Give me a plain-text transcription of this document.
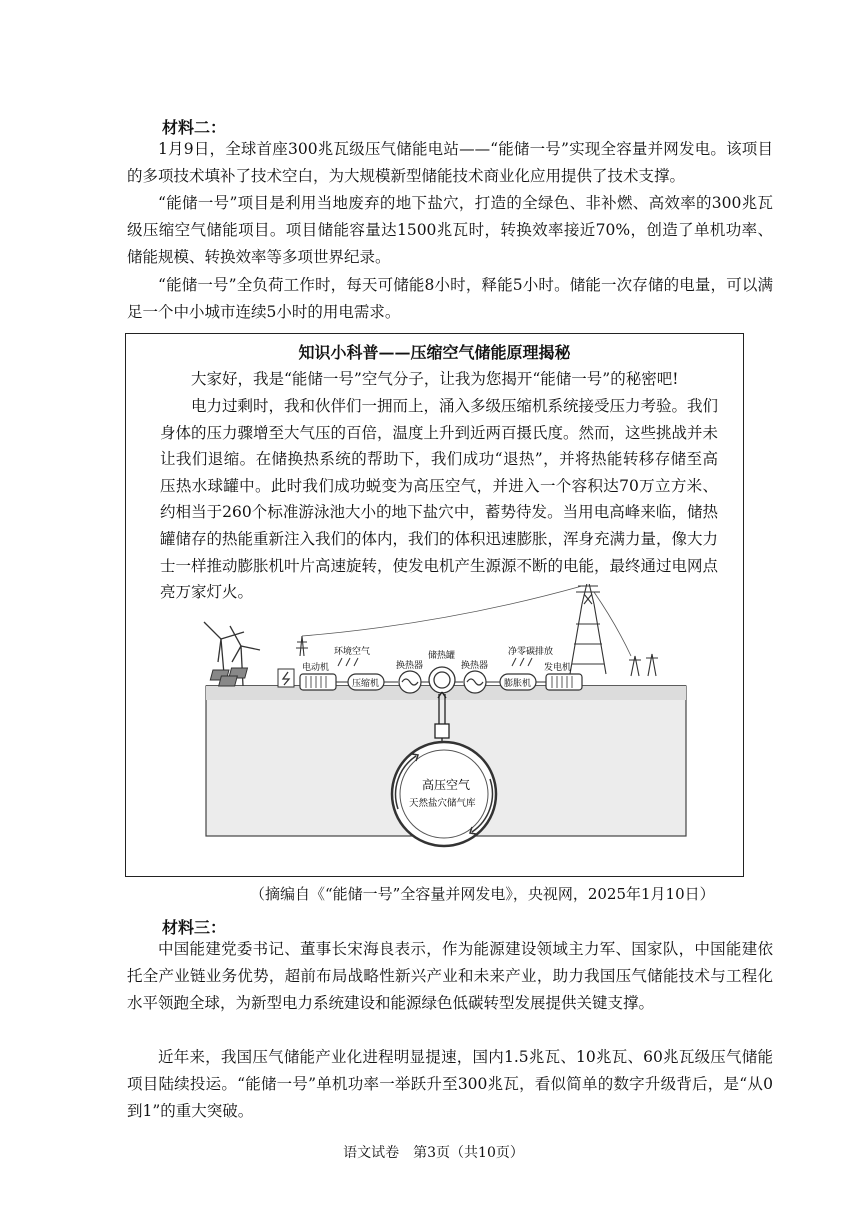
材料二：

1月9日，全球首座300兆瓦级压气储能电站——“能储一号”实现全容量并网发电。该项目的多项技术填补了技术空白，为大规模新型储能技术商业化应用提供了技术支撑。

“能储一号”项目是利用当地废弃的地下盐穴，打造的全绿色、非补燃、高效率的300兆瓦级压缩空气储能项目。项目储能容量达1500兆瓦时，转换效率接近70%，创造了单机功率、储能规模、转换效率等多项世界纪录。

“能储一号”全负荷工作时，每天可储能8小时，释能5小时。储能一次存储的电量，可以满足一个中小城市连续5小时的用电需求。

知识小科普——压缩空气储能原理揭秘

大家好，我是“能储一号”空气分子，让我为您揭开“能储一号”的秘密吧!

电力过剩时，我和伙伴们一拥而上，涌入多级压缩机系统接受压力考验。我们身体的压力骤增至大气压的百倍，温度上升到近两百摄氏度。然而，这些挑战并未让我们退缩。在储换热系统的帮助下，我们成功“退热”，并将热能转移存储至高压热水球罐中。此时我们成功蜕变为高压空气，并进入一个容积达70万立方米、约相当于260个标准游泳池大小的地下盐穴中，蓄势待发。当用电高峰来临，储热罐储存的热能重新注入我们的体内，我们的体积迅速膨胀，浑身充满力量，像大力士一样推动膨胀机叶片高速旋转，使发电机产生源源不断的电能，最终通过电网点亮万家灯火。

环境空气
电动机	换热器
储热罐
换热器
净零碳排放
发电机
压缩机	膨胀机
高压空气
天然盐穴储气库
（摘编自《“能储一号”全容量并网发电》，央视网，2025年1月10日）
材料三：

中国能建党委书记、董事长宋海良表示，作为能源建设领域主力军、国家队，中国能建依托全产业链业务优势，超前布局战略性新兴产业和未来产业，助力我国压气储能技术与工程化水平领跑全球，为新型电力系统建设和能源绿色低碳转型发展提供关键支撑。

近年来，我国压气储能产业化进程明显提速，国内1.5兆瓦、10兆瓦、60兆瓦级压气储能项目陆续投运。“能储一号”单机功率一举跃升至300兆瓦，看似简单的数字升级背后，是“从0到1”的重大突破。

语文试卷　第3页（共10页）
